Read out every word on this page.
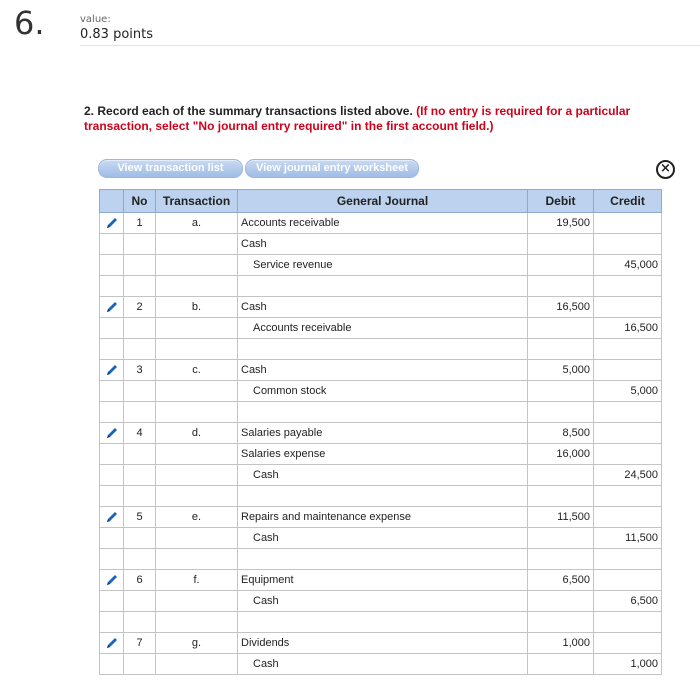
6.	value:
0.83 points
2. Record each of the summary transactions listed above. (If no entry is required for a particular transaction, select "No journal entry required" in the first account field.)
View transaction list	View journal entry worksheet	×
	No	Transaction	General Journal	Debit	Credit
	1	a.	Accounts receivable	19,500	
			Cash		
			Service revenue		45,000

	2	b.	Cash	16,500	
			Accounts receivable		16,500

	3	c.	Cash	5,000	
			Common stock		5,000

	4	d.	Salaries payable	8,500	
			Salaries expense	16,000	
			Cash		24,500

	5	e.	Repairs and maintenance expense	11,500	
			Cash		11,500

	6	f.	Equipment	6,500	
			Cash		6,500

	7	g.	Dividends	1,000	
			Cash		1,000
